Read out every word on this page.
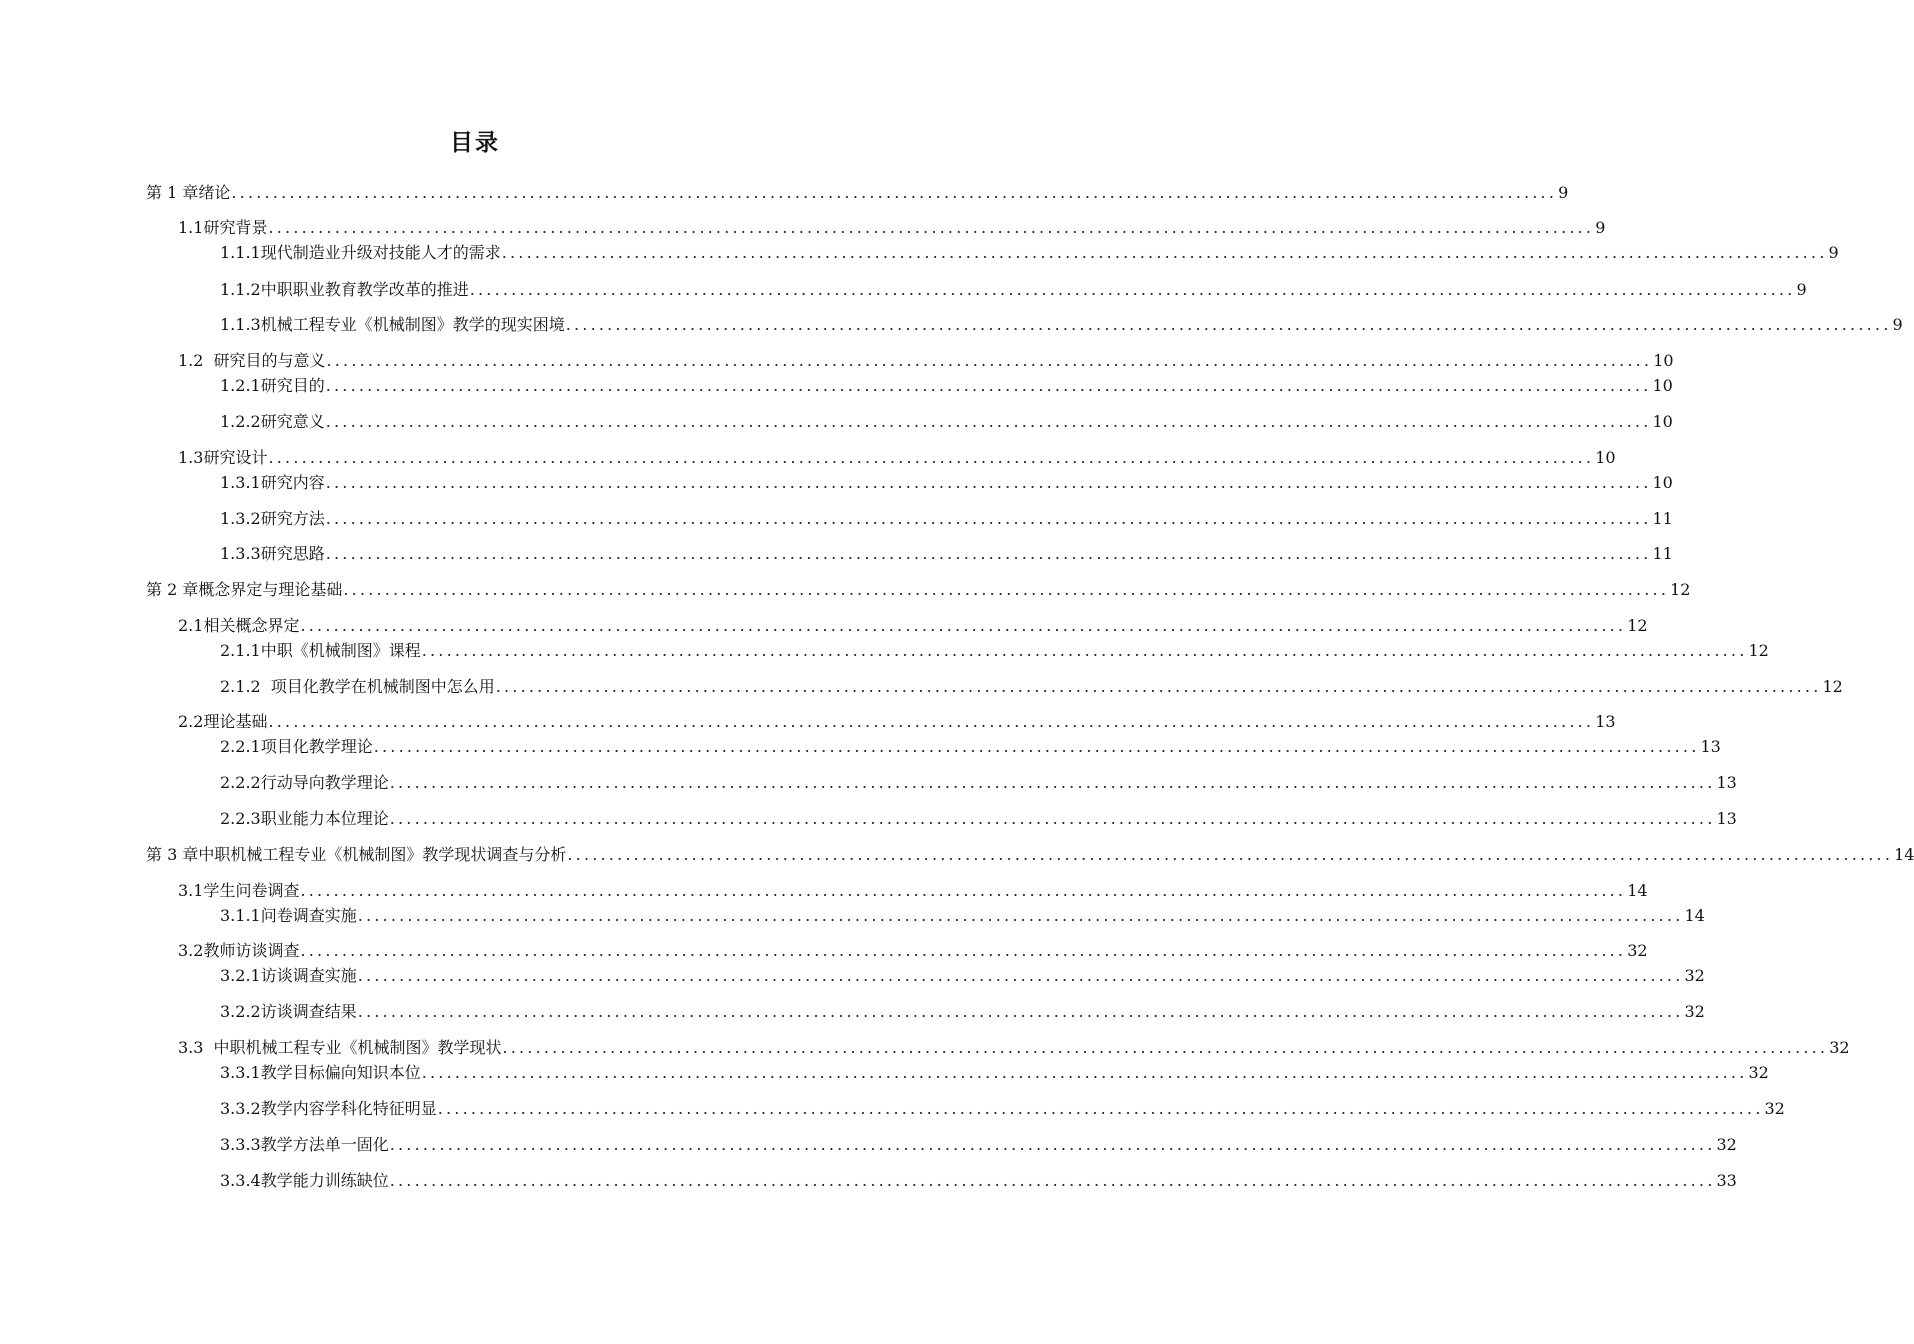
目录
第 1 章 绪论 ................................................................................................................................................................ 9
1.1 研究背景 ................................................................................................................................................................ 9
1.1.1 现代制造业升级对技能人才的需求 ................................................................................................................................................................ 9
1.1.2 中职职业教育教学改革的推进 ................................................................................................................................................................ 9
1.1.3 机械工程专业《机械制图》教学的现实困境 ................................................................................................................................................................ 9
1.2 研究目的与意义 ................................................................................................................................................................ 10
1.2.1 研究目的 ................................................................................................................................................................ 10
1.2.2 研究意义 ................................................................................................................................................................ 10
1.3 研究设计 ................................................................................................................................................................ 10
1.3.1 研究内容 ................................................................................................................................................................ 10
1.3.2 研究方法 ................................................................................................................................................................ 11
1.3.3 研究思路 ................................................................................................................................................................ 11
第 2 章 概念界定与理论基础 ................................................................................................................................................................ 12
2.1 相关概念界定 ................................................................................................................................................................ 12
2.1.1 中职《机械制图》课程 ................................................................................................................................................................ 12
2.1.2 项目化教学在机械制图中怎么用 ................................................................................................................................................................ 12
2.2 理论基础 ................................................................................................................................................................ 13
2.2.1 项目化教学理论 ................................................................................................................................................................ 13
2.2.2 行动导向教学理论 ................................................................................................................................................................ 13
2.2.3 职业能力本位理论 ................................................................................................................................................................ 13
第 3 章 中职机械工程专业《机械制图》教学现状调查与分析 ................................................................................................................................................................ 14
3.1 学生问卷调查 ................................................................................................................................................................ 14
3.1.1 问卷调查实施 ................................................................................................................................................................ 14
3.2 教师访谈调查 ................................................................................................................................................................ 32
3.2.1 访谈调查实施 ................................................................................................................................................................ 32
3.2.2 访谈调查结果 ................................................................................................................................................................ 32
3.3 中职机械工程专业《机械制图》教学现状 ................................................................................................................................................................ 32
3.3.1 教学目标偏向知识本位 ................................................................................................................................................................ 32
3.3.2 教学内容学科化特征明显 ................................................................................................................................................................ 32
3.3.3 教学方法单一固化 ................................................................................................................................................................ 32
3.3.4 教学能力训练缺位 ................................................................................................................................................................ 33
